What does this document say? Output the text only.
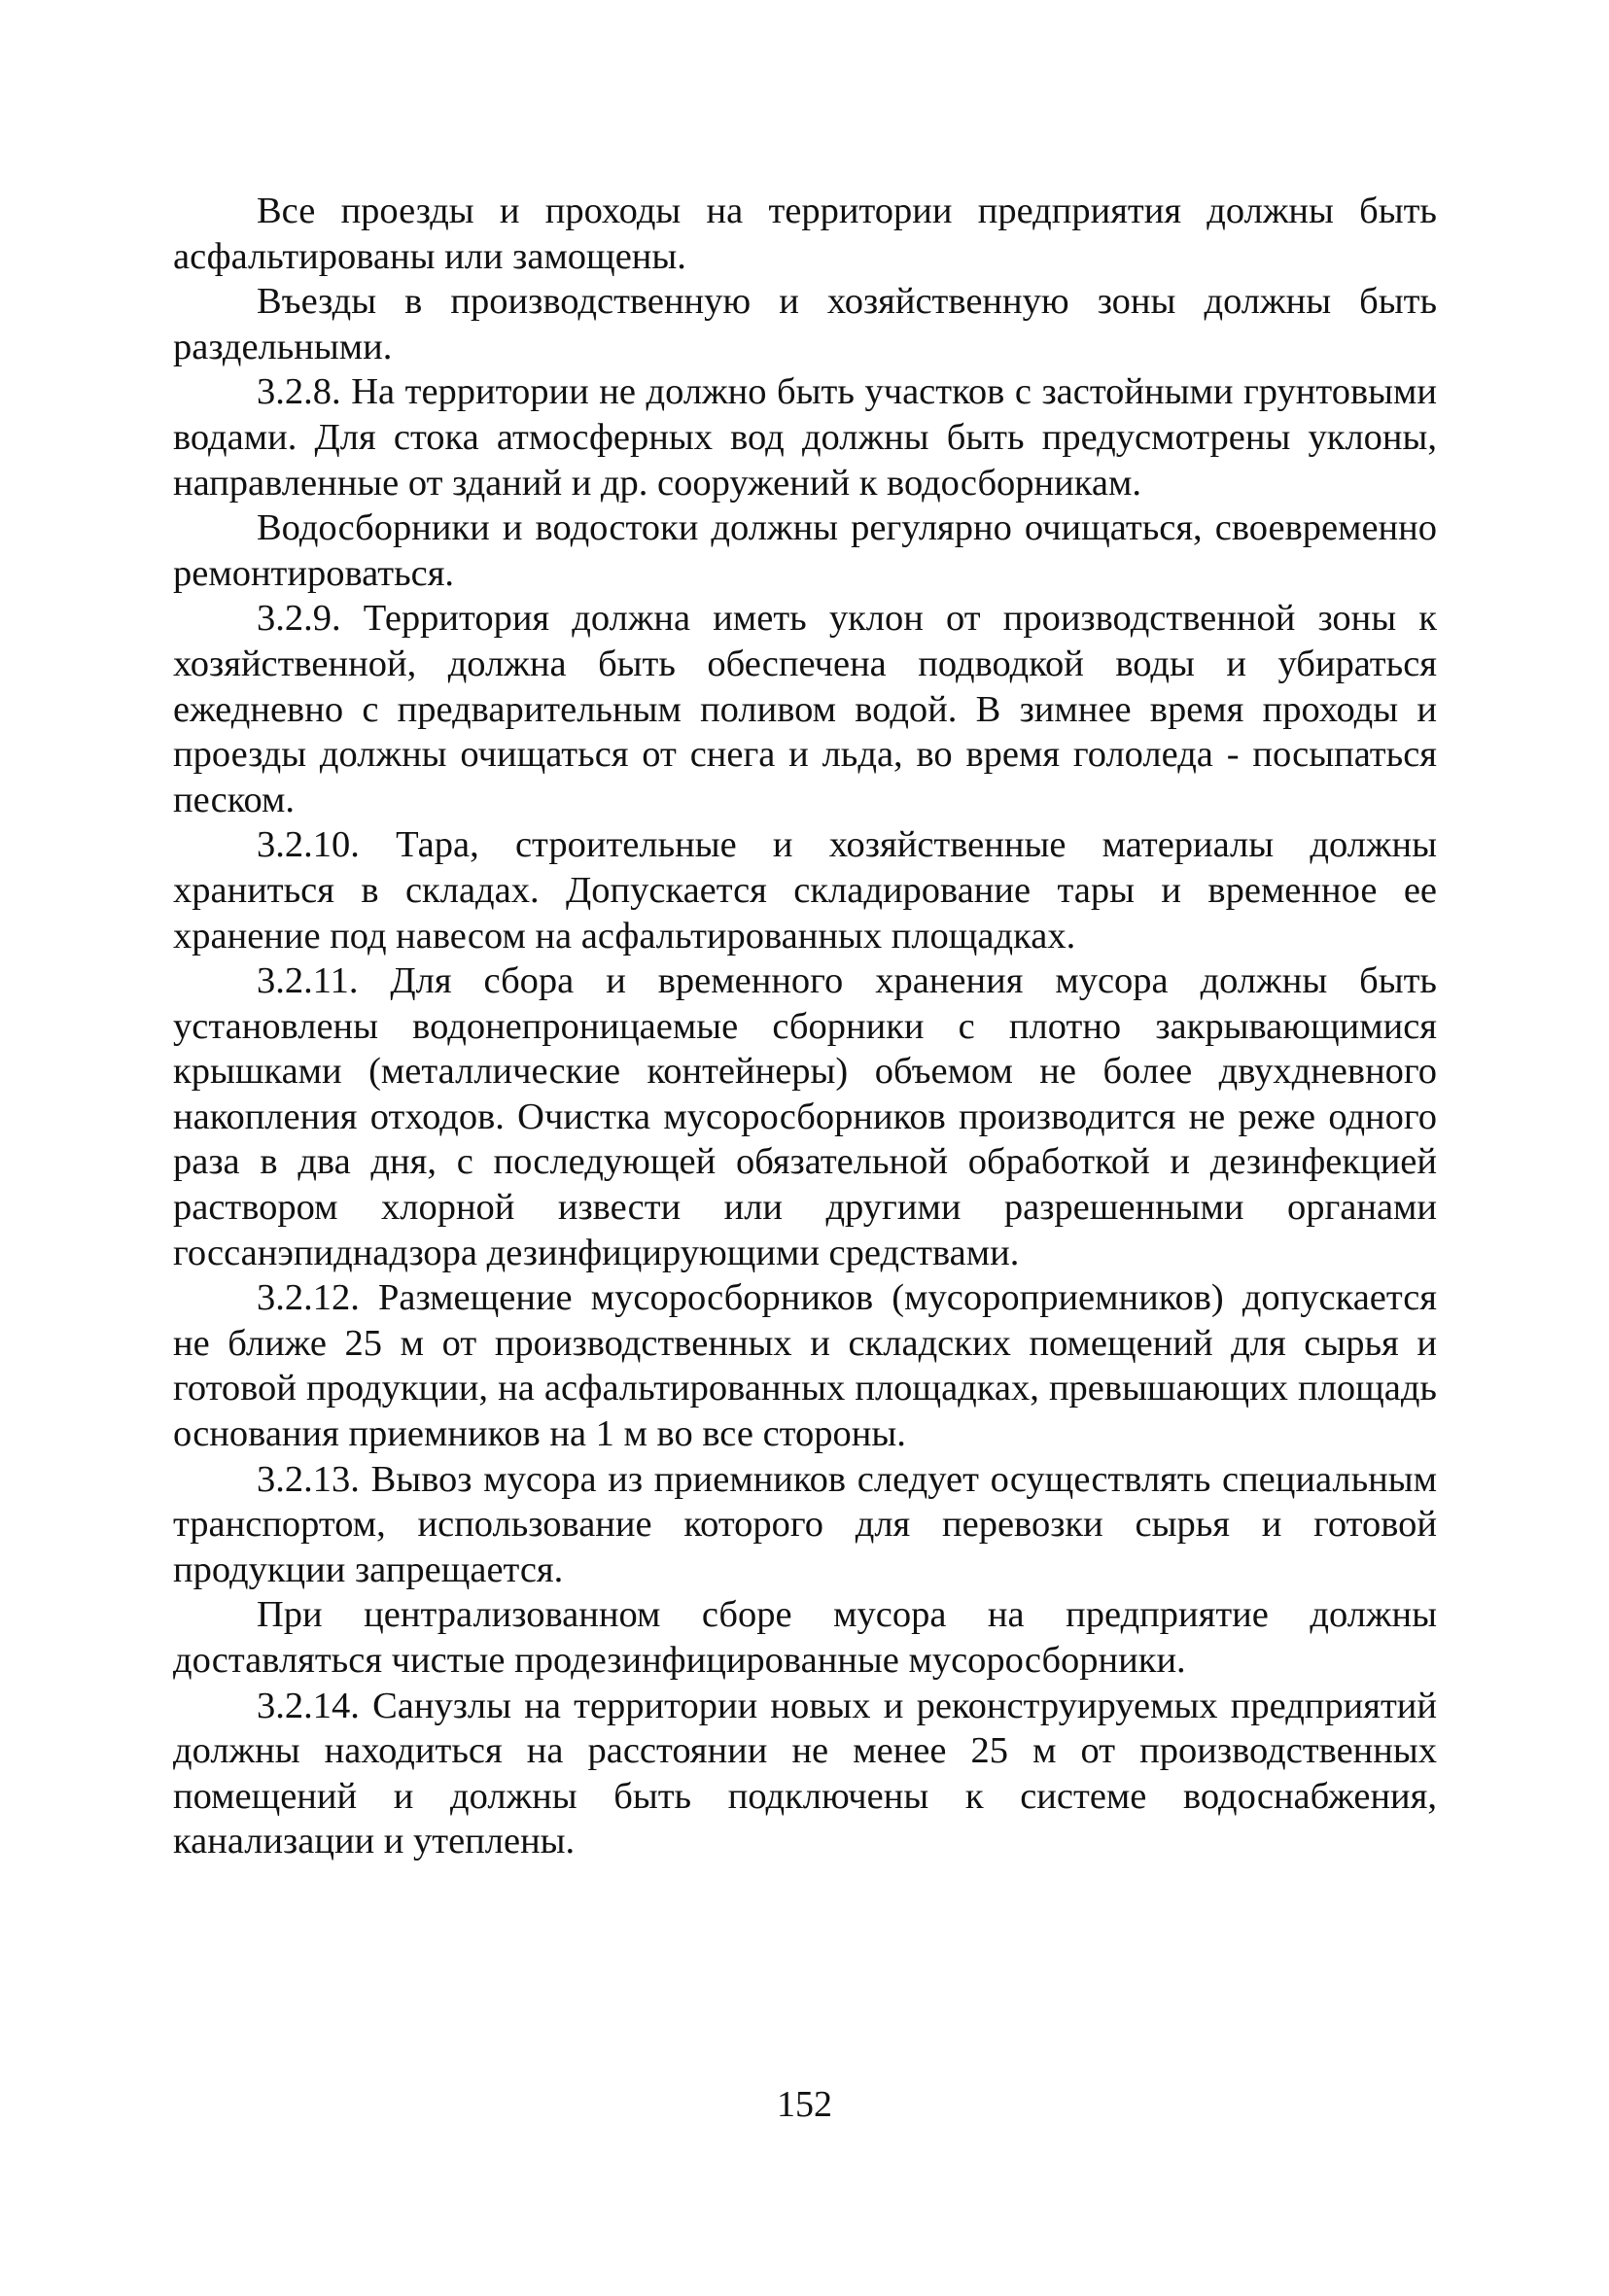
Все проезды и проходы на территории предприятия должны быть асфальтированы или замощены.

Въезды в производственную и хозяйственную зоны должны быть раздельными.

3.2.8. На территории не должно быть участков с застойными грунтовыми водами. Для стока атмосферных вод должны быть предусмотрены уклоны, направленные от зданий и др. сооружений к водосборникам.

Водосборники и водостоки должны регулярно очищаться, своевременно ремонтироваться.

3.2.9. Территория должна иметь уклон от производственной зоны к хозяйственной, должна быть обеспечена подводкой воды и убираться ежедневно с предварительным поливом водой. В зимнее время проходы и проезды должны очищаться от снега и льда, во время гололеда - посыпаться песком.

3.2.10. Тара, строительные и хозяйственные материалы должны храниться в складах. Допускается складирование тары и временное ее хранение под навесом на асфальтированных площадках.

3.2.11. Для сбора и временного хранения мусора должны быть установлены водонепроницаемые сборники с плотно закрывающимися крышками (металлические контейнеры) объемом не более двухдневного накопления отходов. Очистка мусоросборников производится не реже одного раза в два дня, с последующей обязательной обработкой и дезинфекцией раствором хлорной извести или другими разрешенными органами госсанэпиднадзора дезинфицирующими средствами.

3.2.12. Размещение мусоросборников (мусороприемников) допускается не ближе 25 м от производственных и складских помещений для сырья и готовой продукции, на асфальтированных площадках, превышающих площадь основания приемников на 1 м во все стороны.

3.2.13. Вывоз мусора из приемников следует осуществлять специальным транспортом, использование которого для перевозки сырья и готовой продукции запрещается.

При централизованном сборе мусора на предприятие должны доставляться чистые продезинфицированные мусоросборники.

3.2.14. Санузлы на территории новых и реконструируемых предприятий должны находиться на расстоянии не менее 25 м от производственных помещений и должны быть подключены к системе водоснабжения, канализации и утеплены.

152
